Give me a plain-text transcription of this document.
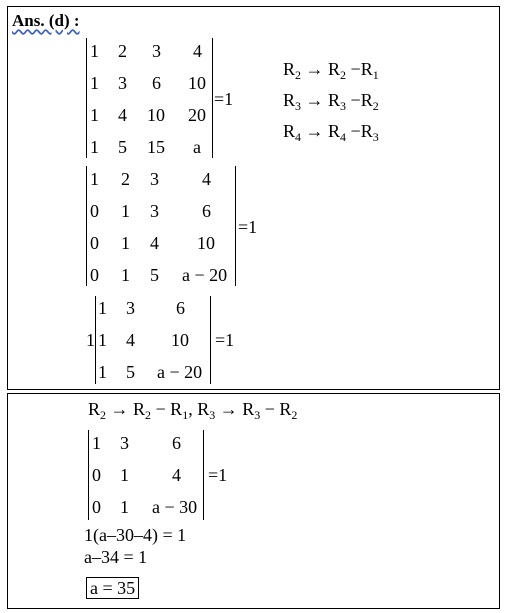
Ans. (d) :
1 2 3 4
1 3 6 10
1 4 10 20
1 5 15 a
=1
$R_2 \to R_2 -R_1$
$R_3 \to R_3 -R_2$
$R_4 \to R_4 -R_3$
1 2 3 4
0 1 3 6
0 1 4 10
0 1 5 a − 20
=1
1
1 3 6
1 4 10
1 5 a − 20
=1
$R_2 \to R_2 - R_1$, $R_3 \to R_3 - R_2$
1 3 6
0 1 4
0 1 a − 30
=1
1(a–30–4) = 1
a–34 = 1
a = 35
